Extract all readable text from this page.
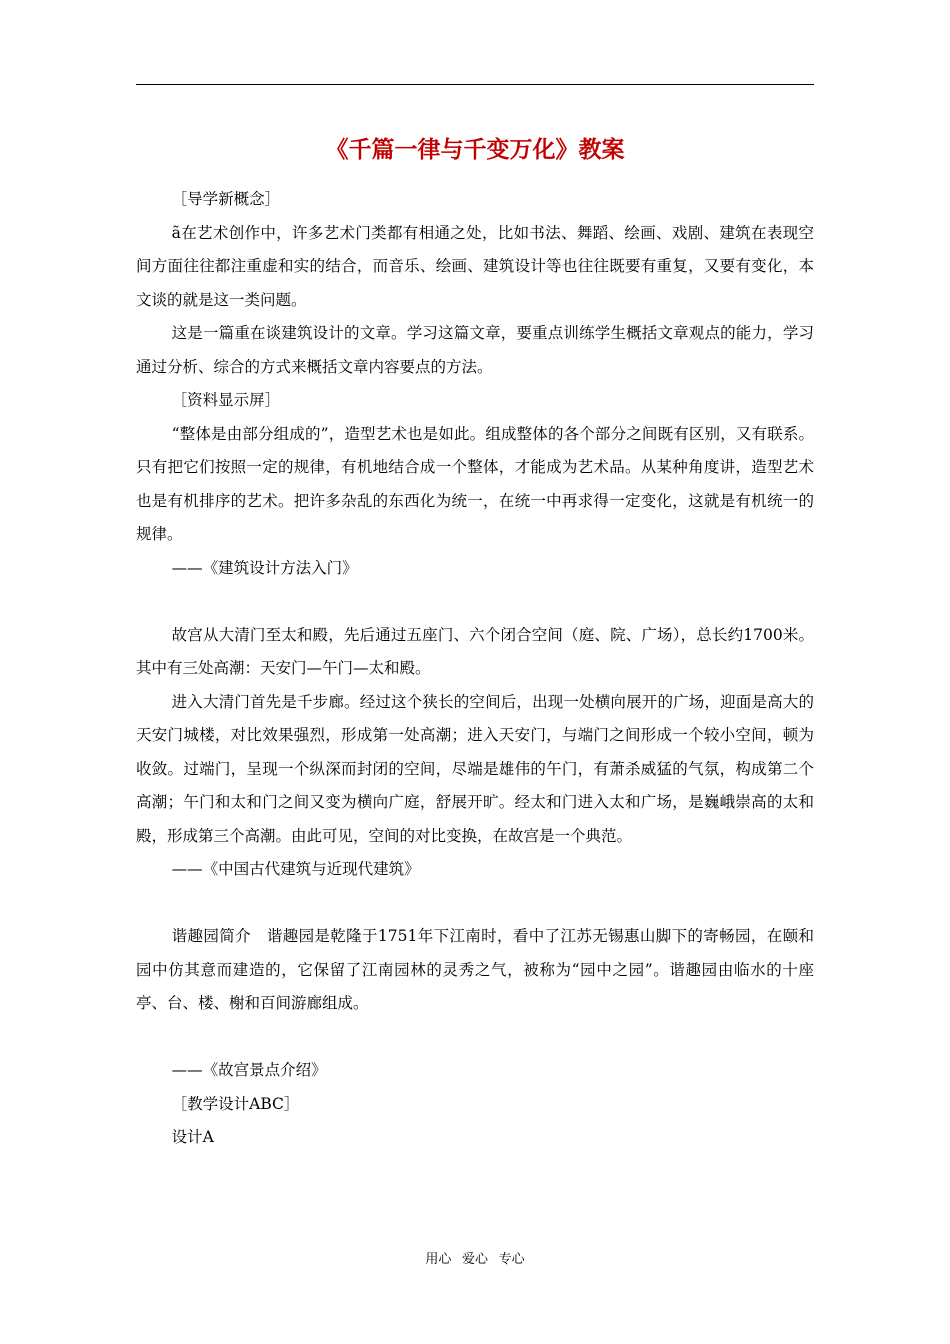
《千篇一律与千变万化》教案

［导学新概念］

ã在艺术创作中，许多艺术门类都有相通之处，比如书法、舞蹈、绘画、戏剧、建筑在表现空间方面往往都注重虚和实的结合，而音乐、绘画、建筑设计等也往往既要有重复，又要有变化，本文谈的就是这一类问题。

这是一篇重在谈建筑设计的文章。学习这篇文章，要重点训练学生概括文章观点的能力，学习通过分析、综合的方式来概括文章内容要点的方法。

［资料显示屏］

“整体是由部分组成的”，造型艺术也是如此。组成整体的各个部分之间既有区别，又有联系。只有把它们按照一定的规律，有机地结合成一个整体，才能成为艺术品。从某种角度讲，造型艺术也是有机排序的艺术。把许多杂乱的东西化为统一，在统一中再求得一定变化，这就是有机统一的规律。

——《建筑设计方法入门》

故宫从大清门至太和殿，先后通过五座门、六个闭合空间（庭、院、广场），总长约1700米。其中有三处高潮：天安门—午门—太和殿。

进入大清门首先是千步廊。经过这个狭长的空间后，出现一处横向展开的广场，迎面是高大的天安门城楼，对比效果强烈，形成第一处高潮；进入天安门，与端门之间形成一个较小空间，顿为收敛。过端门，呈现一个纵深而封闭的空间，尽端是雄伟的午门，有萧杀威猛的气氛，构成第二个高潮；午门和太和门之间又变为横向广庭，舒展开旷。经太和门进入太和广场，是巍峨崇高的太和殿，形成第三个高潮。由此可见，空间的对比变换，在故宫是一个典范。

——《中国古代建筑与近现代建筑》

谐趣园简介　谐趣园是乾隆于1751年下江南时，看中了江苏无锡惠山脚下的寄畅园，在颐和园中仿其意而建造的，它保留了江南园林的灵秀之气，被称为“园中之园”。谐趣园由临水的十座亭、台、楼、榭和百间游廊组成。

——《故宫景点介绍》

［教学设计ABC］

设计A

用心 爱心 专心
